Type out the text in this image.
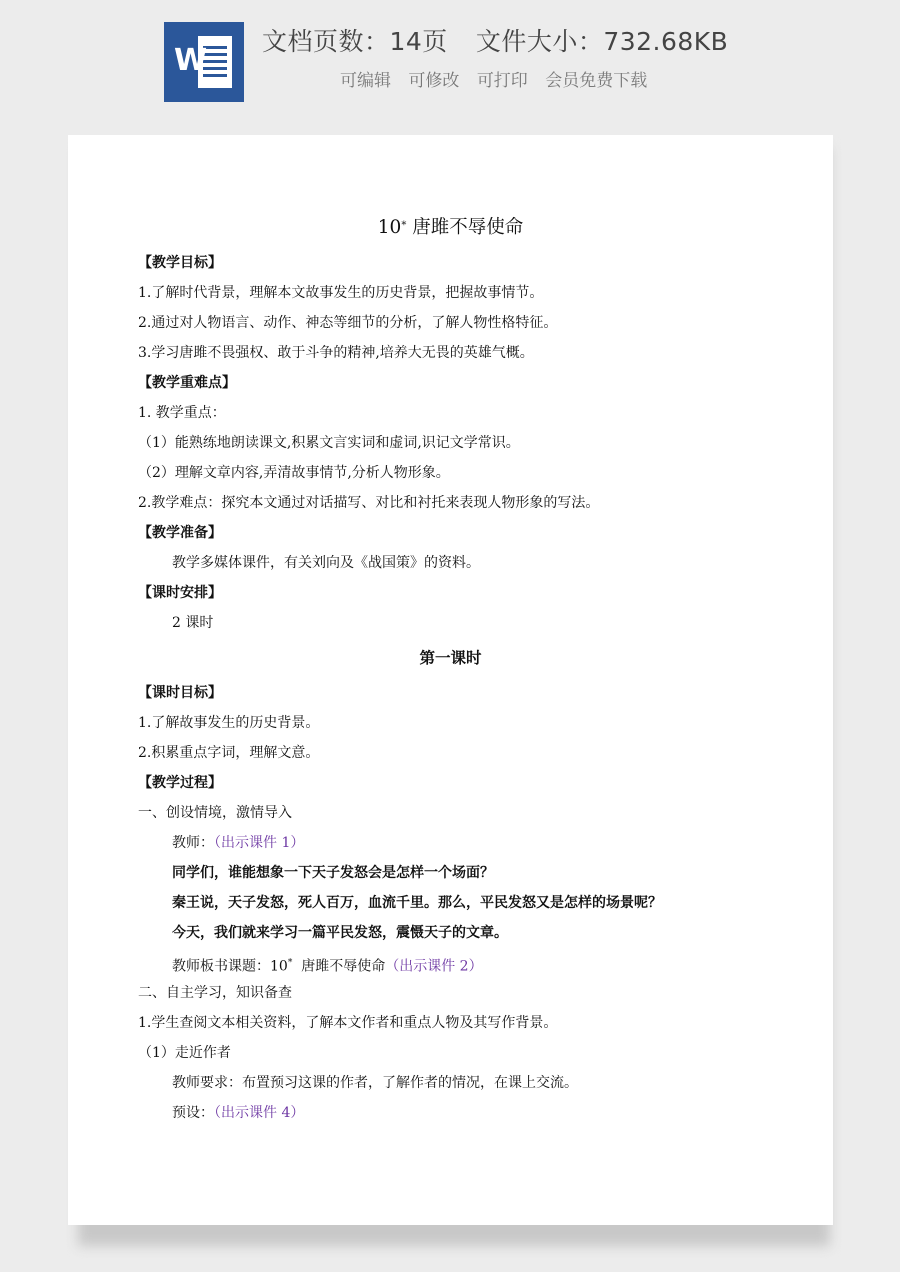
W
文档页数：14页 文件大小：732.68KB
可编辑 可修改 可打印 会员免费下载
10* 唐雎不辱使命
【教学目标】
1.了解时代背景，理解本文故事发生的历史背景，把握故事情节。
2.通过对人物语言、动作、神态等细节的分析，了解人物性格特征。
3.学习唐雎不畏强权、敢于斗争的精神,培养大无畏的英雄气概。
【教学重难点】
1. 教学重点：
（1）能熟练地朗读课文,积累文言实词和虚词,识记文学常识。
（2）理解文章内容,弄清故事情节,分析人物形象。
2.教学难点：探究本文通过对话描写、对比和衬托来表现人物形象的写法。
【教学准备】
教学多媒体课件，有关刘向及《战国策》的资料。
【课时安排】
2 课时
第一课时
【课时目标】
1.了解故事发生的历史背景。
2.积累重点字词，理解文意。
【教学过程】
一、创设情境，激情导入
教师：（出示课件 1）
同学们，谁能想象一下天子发怒会是怎样一个场面？
秦王说，天子发怒，死人百万，血流千里。那么，平民发怒又是怎样的场景呢？
今天，我们就来学习一篇平民发怒，震慑天子的文章。
教师板书课题：10*  唐雎不辱使命（出示课件 2）
二、自主学习，知识备查
1.学生查阅文本相关资料，了解本文作者和重点人物及其写作背景。
（1）走近作者
教师要求：布置预习这课的作者，了解作者的情况，在课上交流。
预设：（出示课件 4）
